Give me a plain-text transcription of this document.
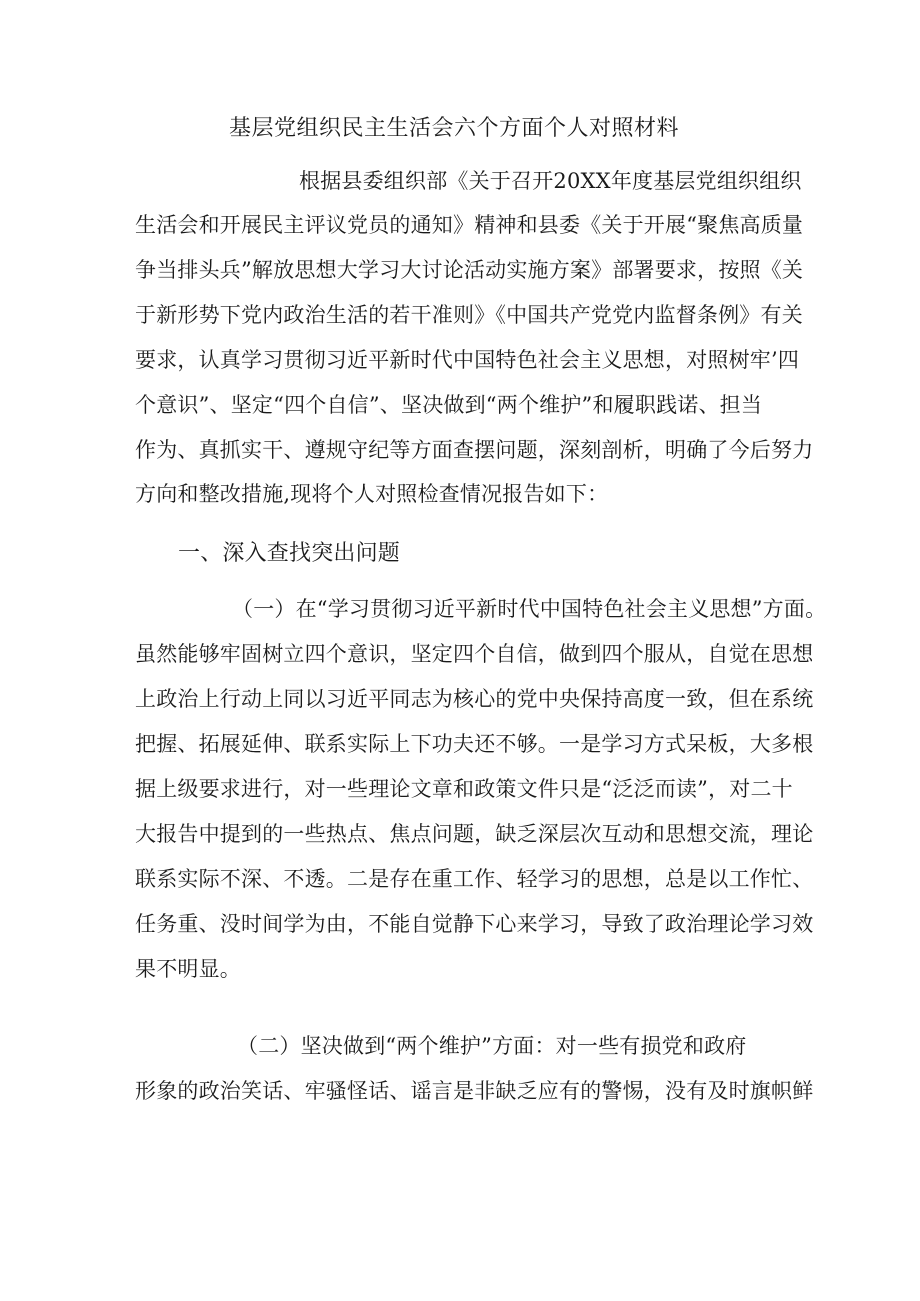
基层党组织民主生活会六个方面个人对照材料
根据县委组织部《关于召开20XX年度基层党组织组织
生活会和开展民主评议党员的通知》精神和县委《关于开展“聚焦高质量
争当排头兵”解放思想大学习大讨论活动实施方案》部署要求，按照《关
于新形势下党内政治生活的若干准则》《中国共产党党内监督条例》有关
要求，认真学习贯彻习近平新时代中国特色社会主义思想，对照树牢’四
个意识”、坚定“四个自信”、坚决做到“两个维护”和履职践诺、担当
作为、真抓实干、遵规守纪等方面查摆问题，深刻剖析，明确了今后努力
方向和整改措施,现将个人对照检查情况报告如下：
一、深入查找突出问题
（一）在“学习贯彻习近平新时代中国特色社会主义思想”方面。
虽然能够牢固树立四个意识，坚定四个自信，做到四个服从，自觉在思想
上政治上行动上同以习近平同志为核心的党中央保持高度一致，但在系统
把握、拓展延伸、联系实际上下功夫还不够。一是学习方式呆板，大多根
据上级要求进行，对一些理论文章和政策文件只是“泛泛而读”，对二十
大报告中提到的一些热点、焦点问题，缺乏深层次互动和思想交流，理论
联系实际不深、不透。二是存在重工作、轻学习的思想，总是以工作忙、
任务重、没时间学为由，不能自觉静下心来学习，导致了政治理论学习效
果不明显。
（二）坚决做到“两个维护”方面：对一些有损党和政府
形象的政治笑话、牢骚怪话、谣言是非缺乏应有的警惕，没有及时旗帜鲜
